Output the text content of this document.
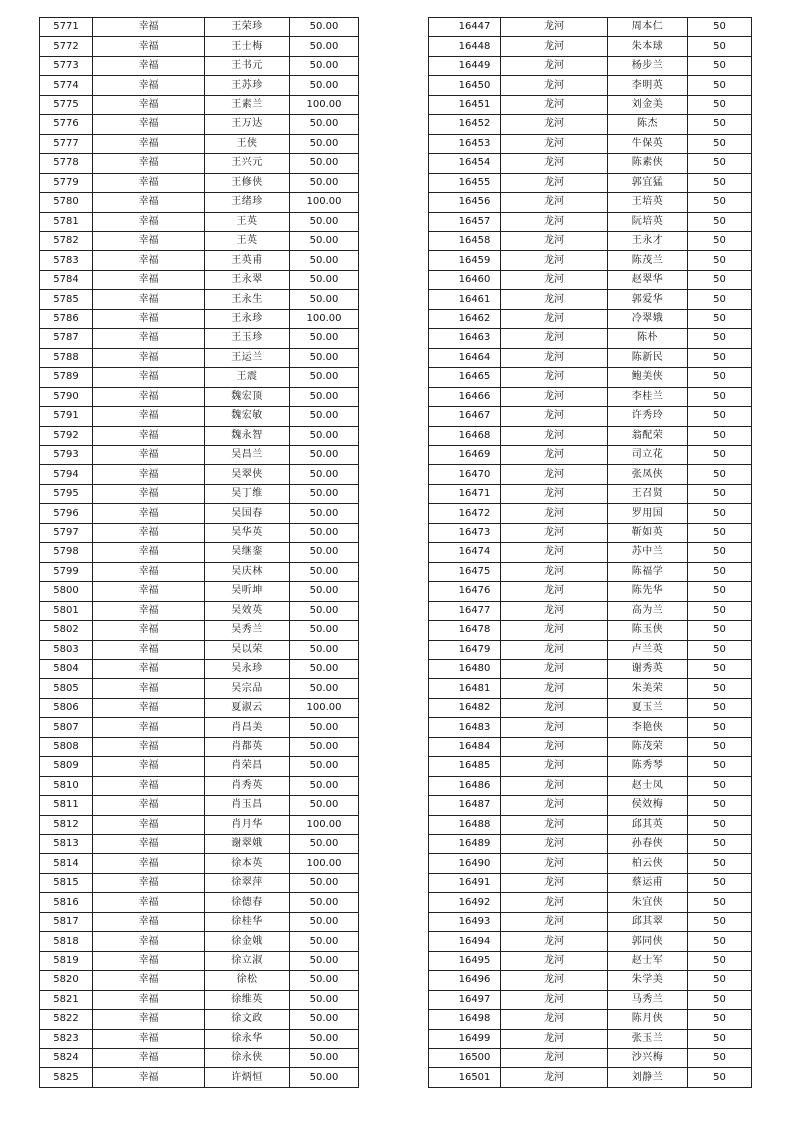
5771	幸福	王荣珍	50.00
5772	幸福	王士梅	50.00
5773	幸福	王书元	50.00
5774	幸福	王苏珍	50.00
5775	幸福	王素兰	100.00
5776	幸福	王万达	50.00
5777	幸福	王侠	50.00
5778	幸福	王兴元	50.00
5779	幸福	王修侠	50.00
5780	幸福	王绪珍	100.00
5781	幸福	王英	50.00
5782	幸福	王英	50.00
5783	幸福	王英甫	50.00
5784	幸福	王永翠	50.00
5785	幸福	王永生	50.00
5786	幸福	王永珍	100.00
5787	幸福	王玉珍	50.00
5788	幸福	王运兰	50.00
5789	幸福	王震	50.00
5790	幸福	魏宏顶	50.00
5791	幸福	魏宏敏	50.00
5792	幸福	魏永智	50.00
5793	幸福	吴昌兰	50.00
5794	幸福	吴翠侠	50.00
5795	幸福	吴丁维	50.00
5796	幸福	吴国春	50.00
5797	幸福	吴华英	50.00
5798	幸福	吴继銮	50.00
5799	幸福	吴庆林	50.00
5800	幸福	吴听坤	50.00
5801	幸福	吴效英	50.00
5802	幸福	吴秀兰	50.00
5803	幸福	吴以荣	50.00
5804	幸福	吴永珍	50.00
5805	幸福	吴宗品	50.00
5806	幸福	夏淑云	100.00
5807	幸福	肖昌美	50.00
5808	幸福	肖都英	50.00
5809	幸福	肖荣昌	50.00
5810	幸福	肖秀英	50.00
5811	幸福	肖玉昌	50.00
5812	幸福	肖月华	100.00
5813	幸福	谢翠娥	50.00
5814	幸福	徐本英	100.00
5815	幸福	徐翠萍	50.00
5816	幸福	徐德春	50.00
5817	幸福	徐桂华	50.00
5818	幸福	徐金娥	50.00
5819	幸福	徐立淑	50.00
5820	幸福	徐松	50.00
5821	幸福	徐维英	50.00
5822	幸福	徐文政	50.00
5823	幸福	徐永华	50.00
5824	幸福	徐永侠	50.00
5825	幸福	许炳恒	50.00
16447	龙河	周本仁	50
16448	龙河	朱本球	50
16449	龙河	杨步兰	50
16450	龙河	李明英	50
16451	龙河	刘金美	50
16452	龙河	陈杰	50
16453	龙河	牛保英	50
16454	龙河	陈素侠	50
16455	龙河	郭宜猛	50
16456	龙河	王培英	50
16457	龙河	阮培英	50
16458	龙河	王永才	50
16459	龙河	陈茂兰	50
16460	龙河	赵翠华	50
16461	龙河	郭爱华	50
16462	龙河	冷翠娥	50
16463	龙河	陈朴	50
16464	龙河	陈新民	50
16465	龙河	鲍美侠	50
16466	龙河	李桂兰	50
16467	龙河	许秀玲	50
16468	龙河	翁配荣	50
16469	龙河	司立花	50
16470	龙河	张凤侠	50
16471	龙河	王召贤	50
16472	龙河	罗用国	50
16473	龙河	靳如英	50
16474	龙河	苏中兰	50
16475	龙河	陈福学	50
16476	龙河	陈先华	50
16477	龙河	高为兰	50
16478	龙河	陈玉侠	50
16479	龙河	卢兰英	50
16480	龙河	谢秀英	50
16481	龙河	朱美荣	50
16482	龙河	夏玉兰	50
16483	龙河	李艳侠	50
16484	龙河	陈茂荣	50
16485	龙河	陈秀琴	50
16486	龙河	赵士凤	50
16487	龙河	侯效梅	50
16488	龙河	邱其英	50
16489	龙河	孙春侠	50
16490	龙河	柏云侠	50
16491	龙河	蔡运甫	50
16492	龙河	朱宜侠	50
16493	龙河	邱其翠	50
16494	龙河	郭同侠	50
16495	龙河	赵士军	50
16496	龙河	朱学美	50
16497	龙河	马秀兰	50
16498	龙河	陈月侠	50
16499	龙河	张玉兰	50
16500	龙河	沙兴梅	50
16501	龙河	刘静兰	50
